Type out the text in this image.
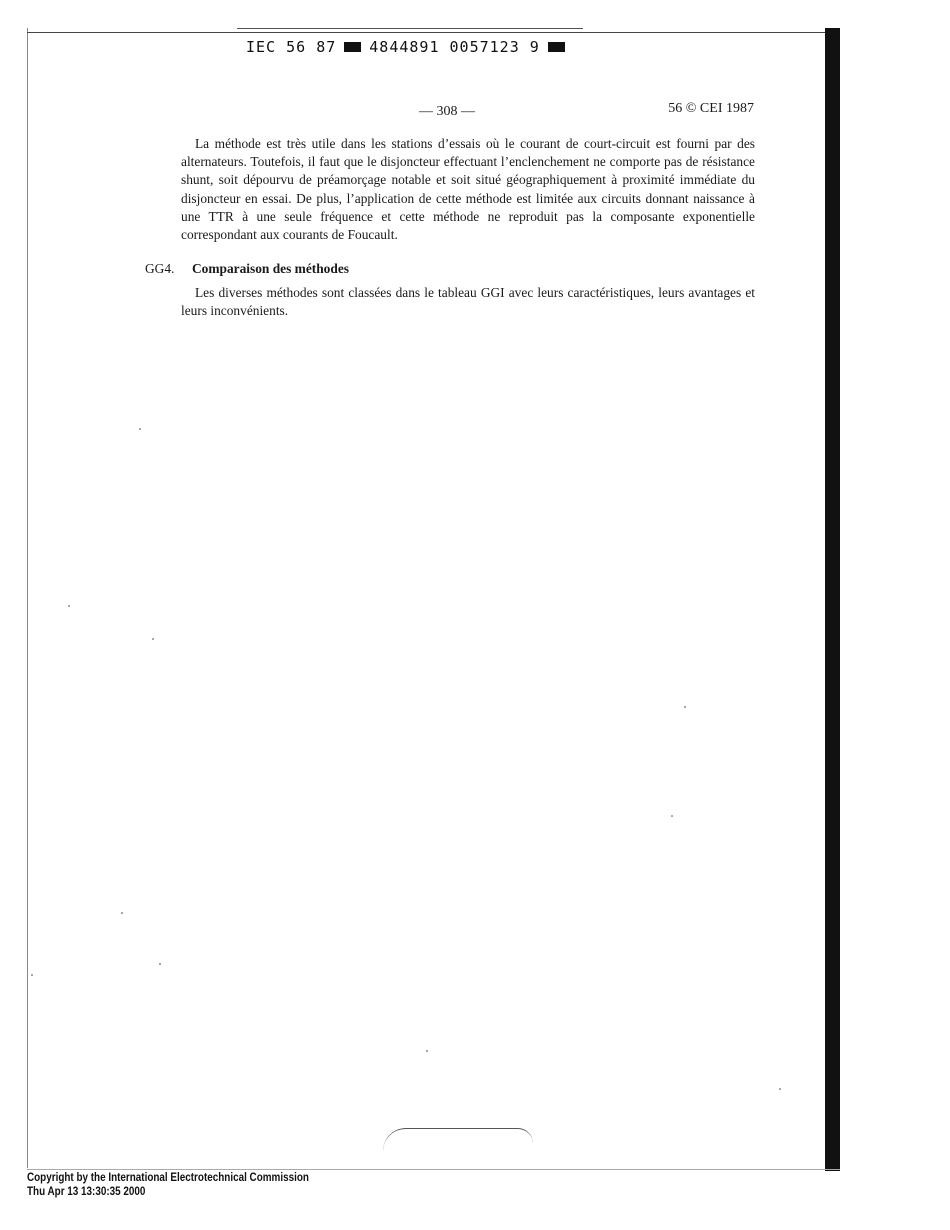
IEC 56 87 4844891 0057123 9
— 308 —	56 © CEI 1987

La méthode est très utile dans les stations d’essais où le courant de court-circuit est fourni par des alternateurs. Toutefois, il faut que le disjoncteur effectuant l’enclenchement ne comporte pas de résistance shunt, soit dépourvu de préamorçage notable et soit situé géographiquement à proximité immédiate du disjoncteur en essai. De plus, l’application de cette méthode est limitée aux circuits donnant naissance à une TTR à une seule fréquence et cette méthode ne reproduit pas la composante exponentielle correspondant aux courants de Foucault.

GG4. Comparaison des méthodes

Les diverses méthodes sont classées dans le tableau GGI avec leurs caractéristiques, leurs avantages et leurs inconvénients.

Copyright by the International Electrotechnical Commission
Thu Apr 13 13:30:35 2000
